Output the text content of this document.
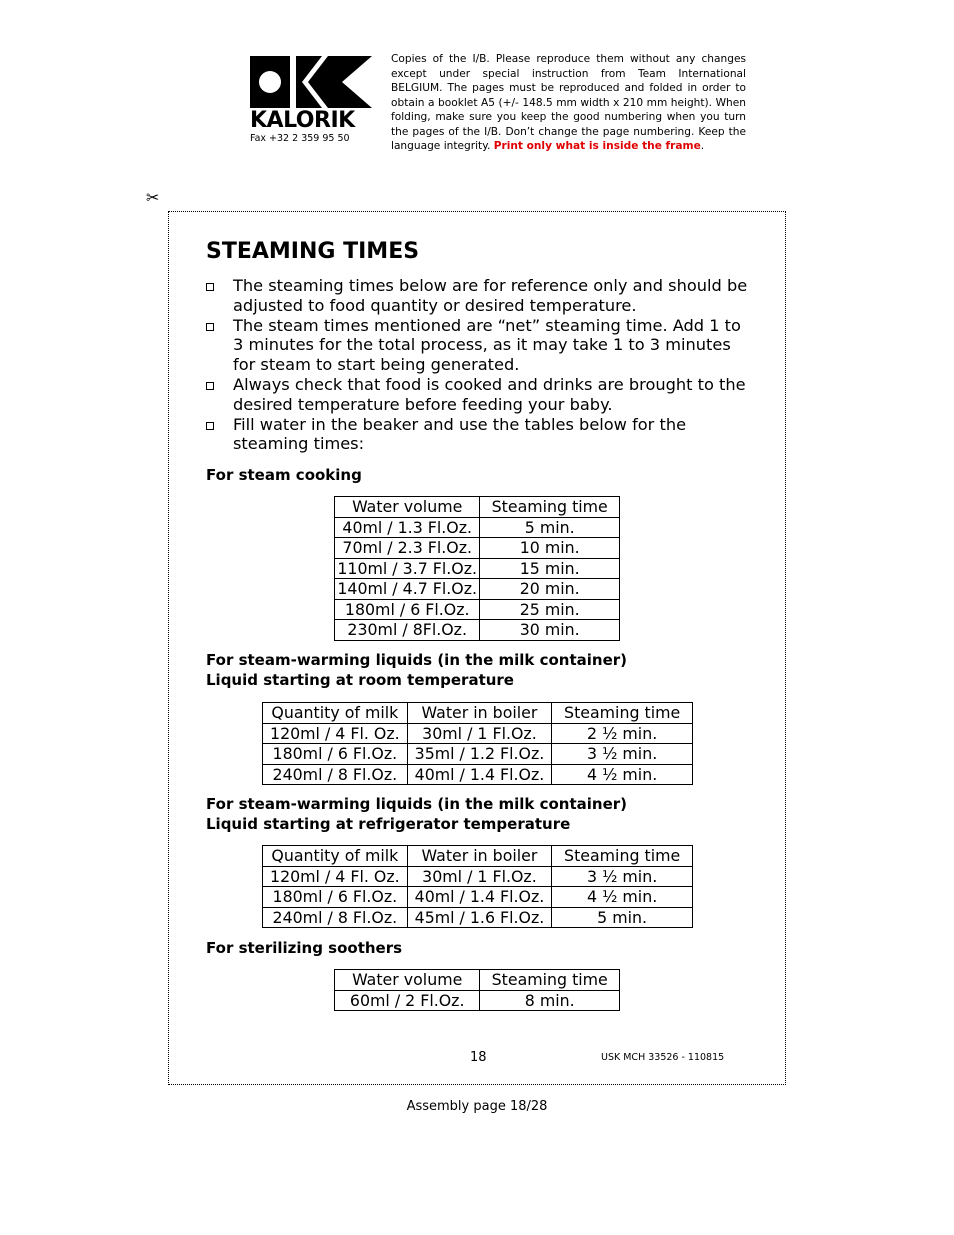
KALORIK
Fax +32 2 359 95 50
Copies of the I/B. Please reproduce them without any changes except under special instruction from Team International BELGIUM. The pages must be reproduced and folded in order to obtain a booklet A5 (+/- 148.5 mm width x 210 mm height). When folding, make sure you keep the good numbering when you turn the pages of the I/B. Don’t change the page numbering. Keep the language integrity. Print only what is inside the frame.
✂
STEAMING TIMES
The steaming times below are for reference only and should be adjusted to food quantity or desired temperature.
The steam times mentioned are “net” steaming time. Add 1 to 3 minutes for the total process, as it may take 1 to 3 minutes for steam to start being generated.
Always check that food is cooked and drinks are brought to the desired temperature before feeding your baby.
Fill water in the beaker and use the tables below for the steaming times:

For steam cooking

Water volume	Steaming time
40ml / 1.3 Fl.Oz.	5 min.
70ml / 2.3 Fl.Oz.	10 min.
110ml / 3.7 Fl.Oz.	15 min.
140ml / 4.7 Fl.Oz.	20 min.
180ml / 6 Fl.Oz.	25 min.
230ml / 8Fl.Oz.	30 min.

For steam-warming liquids (in the milk container)

Liquid starting at room temperature

Quantity of milk	Water in boiler	Steaming time
120ml / 4 Fl. Oz.	30ml / 1 Fl.Oz.	2 ½ min.
180ml / 6 Fl.Oz.	35ml / 1.2 Fl.Oz.	3 ½ min.
240ml / 8 Fl.Oz.	40ml / 1.4 Fl.Oz.	4 ½ min.

For steam-warming liquids (in the milk container)

Liquid starting at refrigerator temperature

Quantity of milk	Water in boiler	Steaming time
120ml / 4 Fl. Oz.	30ml / 1 Fl.Oz.	3 ½ min.
180ml / 6 Fl.Oz.	40ml / 1.4 Fl.Oz.	4 ½ min.
240ml / 8 Fl.Oz.	45ml / 1.6 Fl.Oz.	5 min.

For sterilizing soothers

Water volume	Steaming time
60ml / 2 Fl.Oz.	8 min.
18	USK MCH 33526 - 110815
Assembly page 18/28
